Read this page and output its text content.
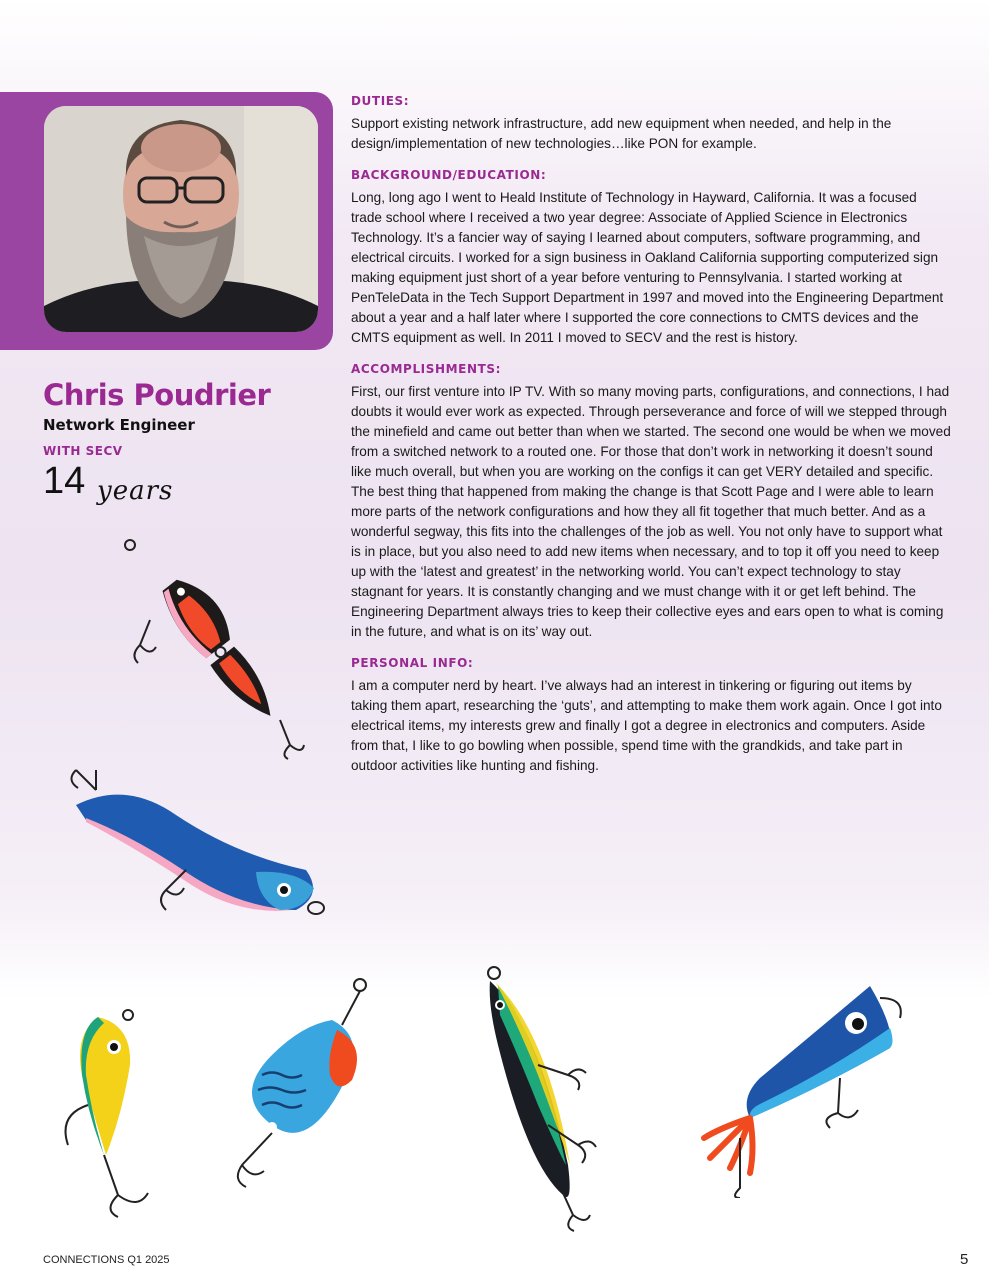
Chris Poudrier
Network Engineer
WITH SECV
14 years
DUTIES:

Support existing network infrastructure, add new equipment when needed, and help in the design/implementation of new technologies…like PON for example.

BACKGROUND/EDUCATION:

Long, long ago I went to Heald Institute of Technology in Hayward, California. It was a focused trade school where I received a two year degree: Associate of Applied Science in Electronics Technology. It’s a fancier way of saying I learned about computers, software programming, and electrical circuits. I worked for a sign business in Oakland California supporting computerized sign making equipment just short of a year before venturing to Pennsylvania. I started working at PenTeleData in the Tech Support Department in 1997 and moved into the Engineering Department about a year and a half later where I supported the core connections to CMTS devices and the CMTS equipment as well. In 2011 I moved to SECV and the rest is history.

ACCOMPLISHMENTS:

First, our first venture into IP TV. With so many moving parts, configurations, and connections, I had doubts it would ever work as expected. Through perseverance and force of will we stepped through the minefield and came out better than when we started. The second one would be when we moved from a switched network to a routed one. For those that don’t work in networking it doesn’t sound like much overall, but when you are working on the configs it can get VERY detailed and specific. The best thing that happened from making the change is that Scott Page and I were able to learn more parts of the network configurations and how they all fit together that much better. And as a wonderful segway, this fits into the challenges of the job as well. You not only have to support what is in place, but you also need to add new items when necessary, and to top it off you need to keep up with the ‘latest and greatest’ in the networking world. You can’t expect technology to stay stagnant for years. It is constantly changing and we must change with it or get left behind. The Engineering Department always tries to keep their collective eyes and ears open to what is coming in the future, and what is on its’ way out.

PERSONAL INFO:

I am a computer nerd by heart. I’ve always had an interest in tinkering or figuring out items by taking them apart, researching the ‘guts’, and attempting to make them work again. Once I got into electrical items, my interests grew and finally I got a degree in electronics and computers. Aside from that, I like to go bowling when possible, spend time with the grandkids, and take part in outdoor activities like hunting and fishing.

CONNECTIONS Q1 2025	5
